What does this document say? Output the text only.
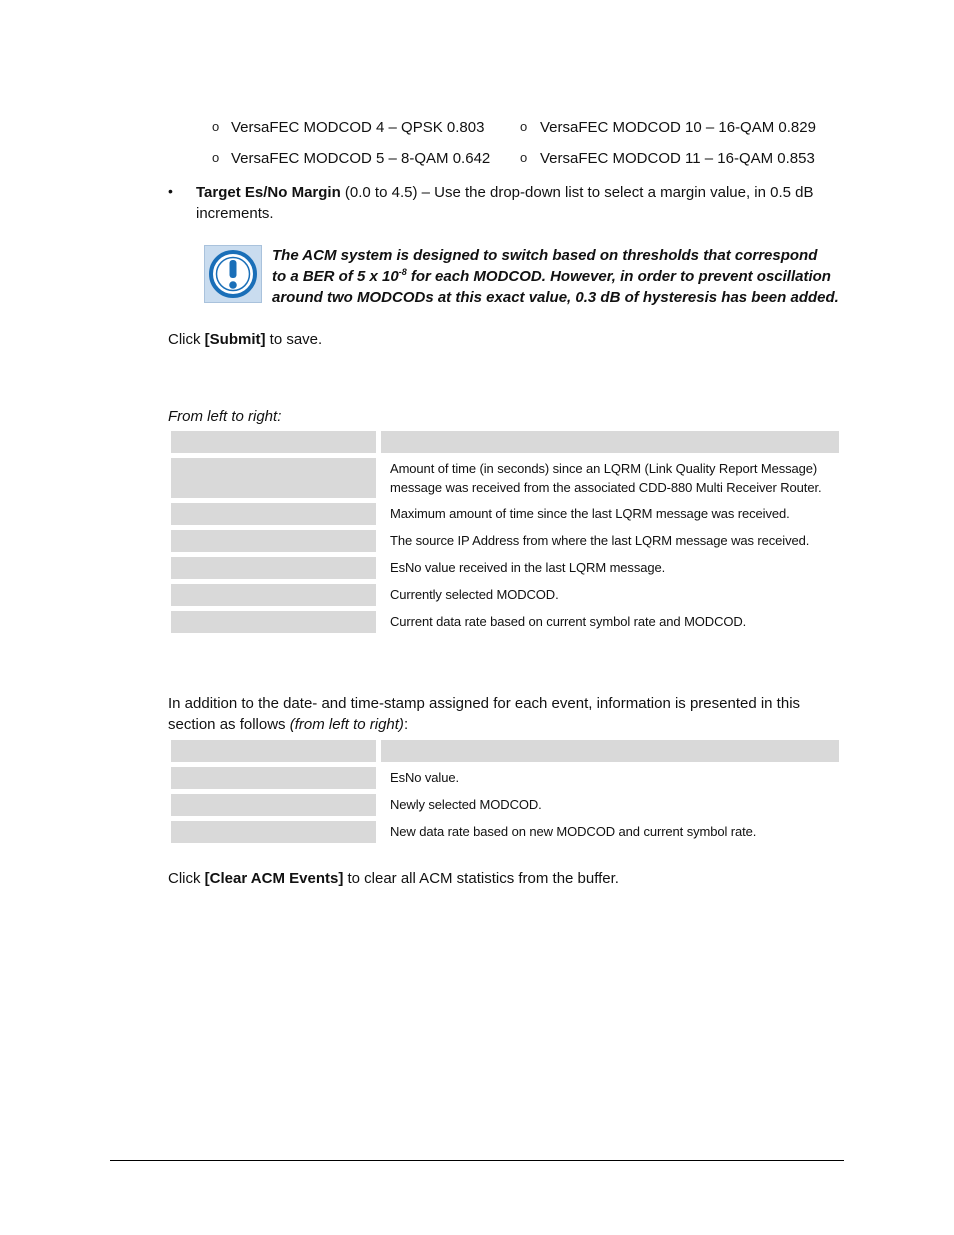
o VersaFEC MODCOD 4 – QPSK 0.803	o VersaFEC MODCOD 10 – 16-QAM 0.829
o VersaFEC MODCOD 5 – 8-QAM 0.642 o VersaFEC MODCOD 11 – 16-QAM 0.853
• Target Es/No Margin (0.0 to 4.5) – Use the drop-down list to select a margin value, in 0.5 dB
increments.
The ACM system is designed to switch based on thresholds that correspond
to a BER of 5 x $10^{-8}$ for each MODCOD. However, in order to prevent oscillation
around two MODCODs at this exact value, 0.3 dB of hysteresis has been added.
Click [Submit] to save.
From left to right:
Amount of time (in seconds) since an LQRM (Link Quality Report Message) message was received from the associated CDD-880 Multi Receiver Router.
Maximum amount of time since the last LQRM message was received.
The source IP Address from where the last LQRM message was received.
EsNo value received in the last LQRM message.
Currently selected MODCOD.
Current data rate based on current symbol rate and MODCOD.
In addition to the date- and time-stamp assigned for each event, information is presented in this
section as follows (from left to right):
EsNo value.
Newly selected MODCOD.
New data rate based on new MODCOD and current symbol rate.
Click [Clear ACM Events] to clear all ACM statistics from the buffer.
